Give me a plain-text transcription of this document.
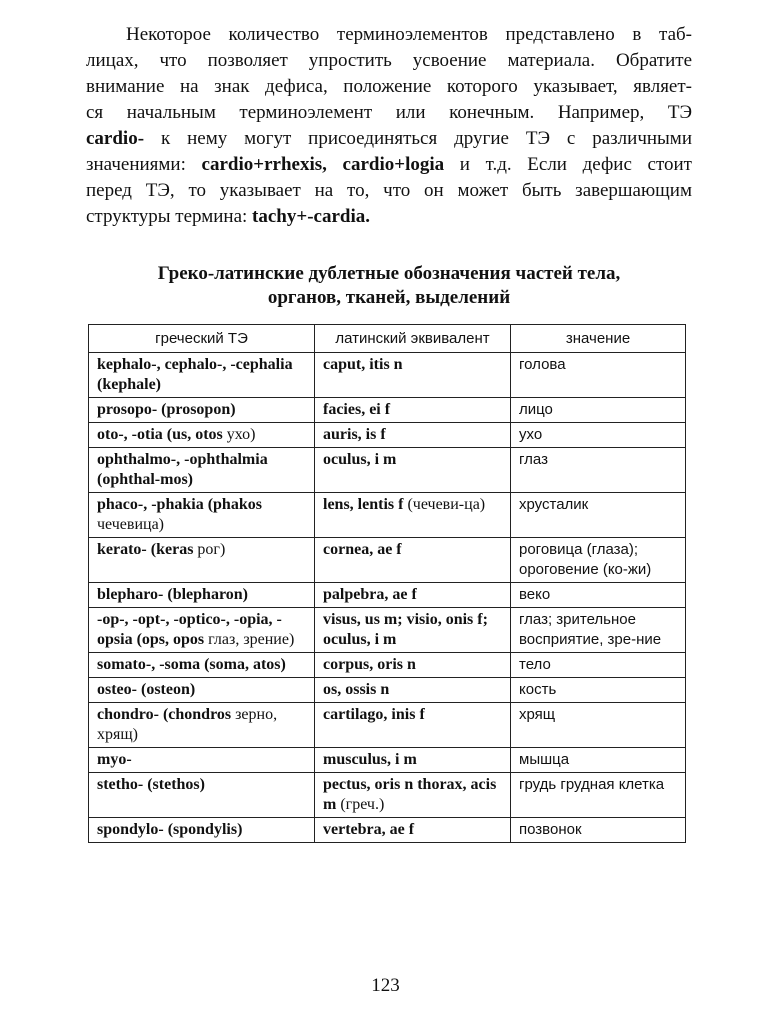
Некоторое количество терминоэлементов представлено в таб-
лицах, что позволяет упростить усвоение материала. Обратите
внимание на знак дефиса, положение которого указывает, являет-
ся начальным терминоэлемент или конечным. Например, ТЭ
cardio- к нему могут присоединяться другие ТЭ с различными
значениями: cardio+rrhexis, cardio+logia и т.д. Если дефис стоит
перед ТЭ, то указывает на то, что он может быть завершающим
структуры термина: tachy+-cardia.
Греко-латинские дублетные обозначения частей тела,
органов, тканей, выделений
греческий ТЭ	латинский эквивалент	значение
kephalo-, cephalo-, -cephalia (kephale)	caput, itis n	голова
prosopo- (prosopon)	facies, ei f	лицо
oto-, -otia (us, otos ухо)	auris, is f	ухо
ophthalmo-, -ophthalmia (ophthal-mos)	oculus, i m	глаз
phaco-, -phakia (phakos чечевица)	lens, lentis f (чечеви-ца)	хрусталик
kerato- (keras рог)	cornea, ae f	роговица (глаза); ороговение (ко-жи)
blepharo- (blepharon)	palpebra, ae f	веко
-op-, -opt-, -optico-, -opia, -opsia (ops, opos глаз, зрение)	visus, us m; visio, onis f; oculus, i m	глаз; зрительное восприятие, зре-ние
somato-, -soma (soma, atos)	corpus, oris n	тело
osteo- (osteon)	os, ossis n	кость
chondro- (chondros зерно, хрящ)	cartilago, inis f	хрящ
myo-	musculus, i m	мышца
stetho- (stethos)	pectus, oris n thorax, acis m (греч.)	грудь грудная клетка
spondylo- (spondylis)	vertebra, ae f	позвонок
123
